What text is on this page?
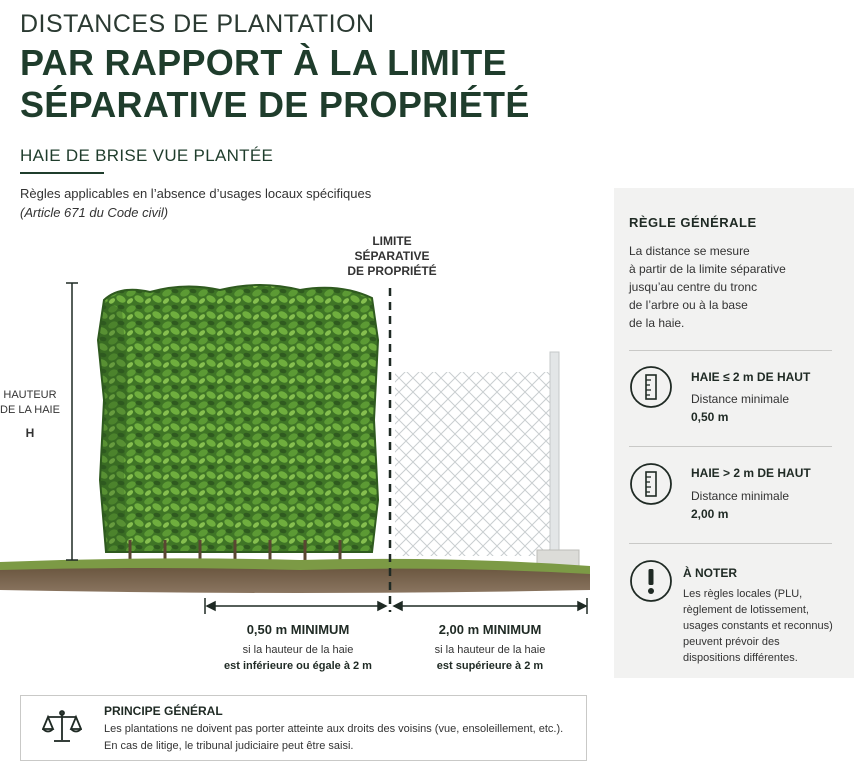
DISTANCES DE PLANTATION
PAR RAPPORT À LA LIMITE
SÉPARATIVE DE PROPRIÉTÉ
HAIE DE BRISE VUE PLANTÉE
Règles applicables en l’absence d’usages locaux spécifiques
(Article 671 du Code civil)
LIMITE
SÉPARATIVE
DE PROPRIÉTÉ
HAUTEUR
DE LA HAIE
H
0,50 m MINIMUM
si la hauteur de la haie
est inférieure ou égale à 2 m
2,00 m MINIMUM
si la hauteur de la haie
est supérieure à 2 m
RÈGLE GÉNÉRALE
La distance se mesure
à partir de la limite séparative
jusqu’au centre du tronc
de l’arbre ou à la base
de la haie.
HAIE ≤ 2 m DE HAUT
Distance minimale
0,50 m
HAIE > 2 m DE HAUT
Distance minimale
2,00 m
À NOTER
Les règles locales (PLU,
règlement de lotissement,
usages constants et reconnus)
peuvent prévoir des
dispositions différentes.
PRINCIPE GÉNÉRAL
Les plantations ne doivent pas porter atteinte aux droits des voisins (vue, ensoleillement, etc.).
En cas de litige, le tribunal judiciaire peut être saisi.
